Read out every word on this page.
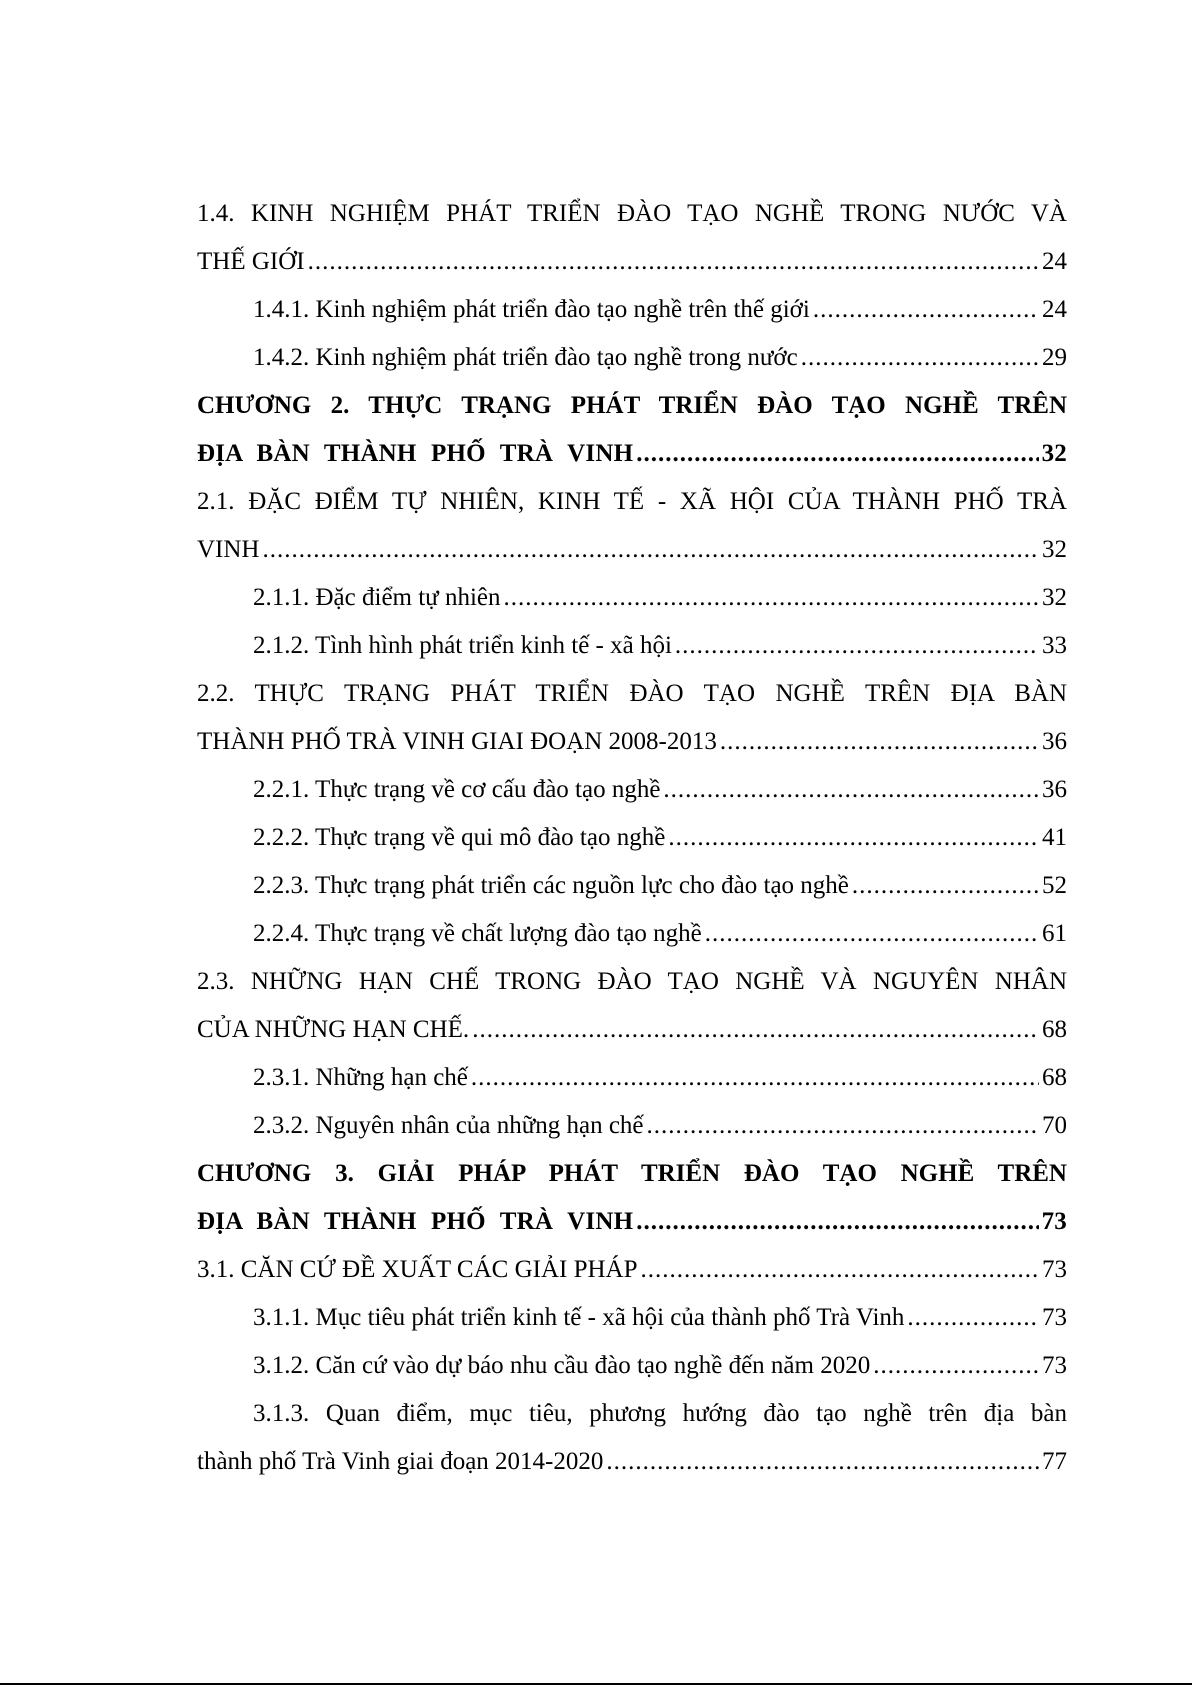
1.4. KINH NGHIỆM PHÁT TRIỂN ĐÀO TẠO NGHỀ TRONG NƯỚC VÀ
THẾ GIỚI .....	24
1.4.1. Kinh nghiệm phát triển đào tạo nghề trên thế giới .....	24
1.4.2. Kinh nghiệm phát triển đào tạo nghề trong nước .....	29
CHƯƠNG 2. THỰC TRẠNG PHÁT TRIỂN ĐÀO TẠO NGHỀ TRÊN
ĐỊA BÀN THÀNH PHỐ TRÀ VINH .....	32
2.1. ĐẶC ĐIỂM TỰ NHIÊN, KINH TẾ - XÃ HỘI CỦA THÀNH PHỐ TRÀ
VINH .....	32
2.1.1. Đặc điểm tự nhiên .....	32
2.1.2. Tình hình phát triển kinh tế - xã hội .....	33
2.2. THỰC TRẠNG PHÁT TRIỂN ĐÀO TẠO NGHỀ TRÊN ĐỊA BÀN
THÀNH PHỐ TRÀ VINH GIAI ĐOẠN 2008-2013 .....	36
2.2.1. Thực trạng về cơ cấu đào tạo nghề .....	36
2.2.2. Thực trạng về qui mô đào tạo nghề .....	41
2.2.3. Thực trạng phát triển các nguồn lực cho đào tạo nghề .....	52
2.2.4. Thực trạng về chất lượng đào tạo nghề .....	61
2.3. NHỮNG HẠN CHẾ TRONG ĐÀO TẠO NGHỀ VÀ NGUYÊN NHÂN
CỦA NHỮNG HẠN CHẾ. .....	68
2.3.1. Những hạn chế .....	68
2.3.2. Nguyên nhân của những hạn chế .....	70
CHƯƠNG 3. GIẢI PHÁP PHÁT TRIỂN ĐÀO TẠO NGHỀ TRÊN
ĐỊA BÀN THÀNH PHỐ TRÀ VINH .....	73
3.1. CĂN CỨ ĐỀ XUẤT CÁC GIẢI PHÁP .....	73
3.1.1. Mục tiêu phát triển kinh tế - xã hội của thành phố Trà Vinh .....	73
3.1.2. Căn cứ vào dự báo nhu cầu đào tạo nghề đến năm 2020 .....	73
3.1.3. Quan điểm, mục tiêu, phương hướng đào tạo nghề trên địa bàn
thành phố Trà Vinh giai đoạn 2014-2020 .....	77
